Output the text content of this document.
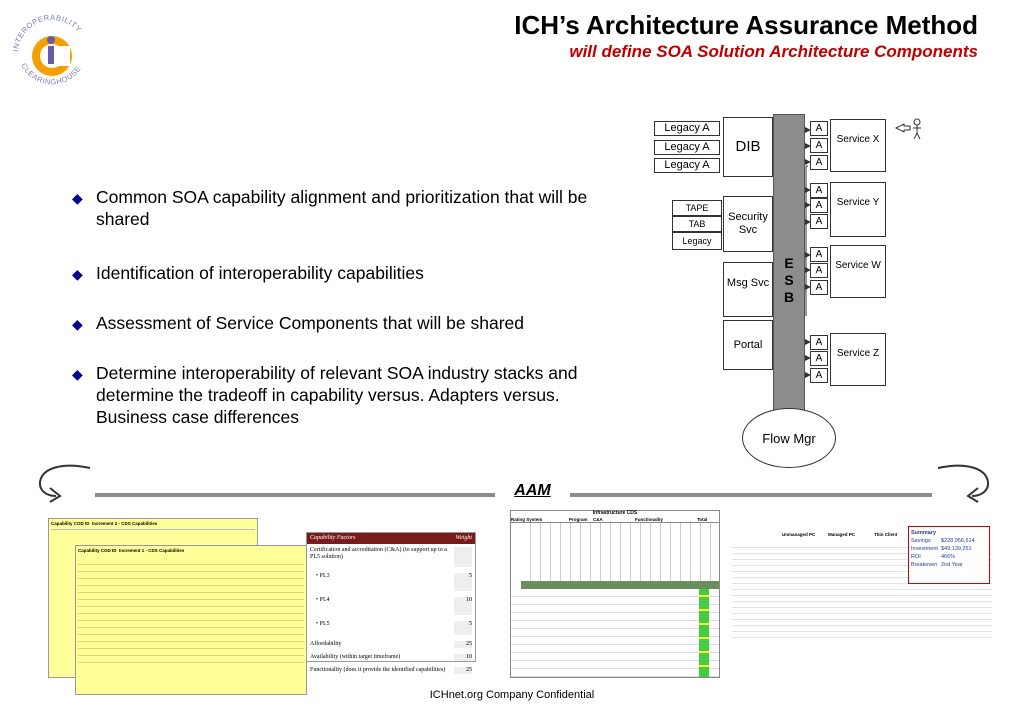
INTEROPERABILITY
CLEARINGHOUSE
ICH’s Architecture Assurance Method
will define SOA Solution Architecture Components
◆ Common SOA capability alignment and prioritization that will be shared
◆ Identification of interoperability capabilities
◆ Assessment of Service Components that will be shared
◆ Determine interoperability of relevant SOA industry stacks and determine the tradeoff in capability versus. Adapters versus. Business case differences
Legacy A
Legacy A
Legacy A
DIB
TAPE
TAB
Legacy
Security Svc
Msg Svc
Portal
E
S
B
A
A
A
Service X
A
A
A
Service Y
A
A
A
Service W
A
A
A
Service Z
Flow Mgr
AAM
Capability COD ID Increment 2 - CDS Capabilities
Capability COD ID Increment 1 - CDS Capabilities
Capability Factors	Weight
Certification and accreditation (C&A) (to support up to a PL5 solution)
• PL3	5
• PL4	10
• PL5	5
Affordability	25
Availability (within target timeframe)	10
Functionality (does it provide the identified capabilities)	25
Infrastructure CDS
Rating System	Program	C&A	Functionality	Total
Unmanaged PC	Managed PC	Thin Client	Summary
Savings	$228,956,614
Investment $49,139,251
ROI	466%
Breakeven 2nd Year
ICHnet.org Company Confidential
